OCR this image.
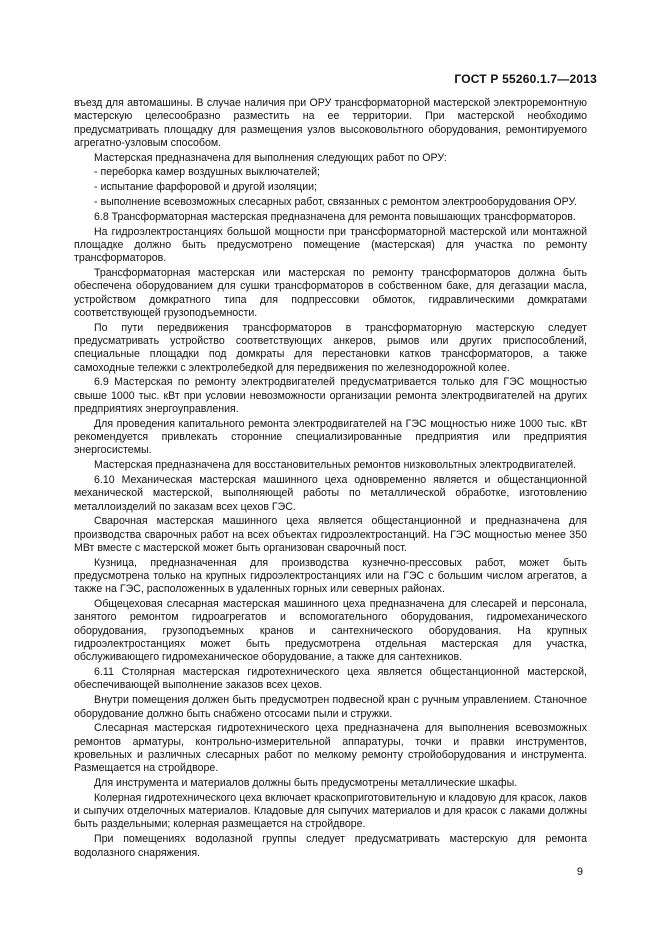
ГОСТ Р 55260.1.7—2013

въезд для автомашины. В случае наличия при ОРУ трансформаторной мастерской электроремонтную мастерскую целесообразно разместить на ее территории. При мастерской необходимо предусматривать площадку для размещения узлов высоковольтного оборудования, ремонтируемого агрегатно-узловым способом.

Мастерская предназначена для выполнения следующих работ по ОРУ:

- переборка камер воздушных выключателей;

- испытание фарфоровой и другой изоляции;

- выполнение всевозможных слесарных работ, связанных с ремонтом электрооборудования ОРУ.

6.8 Трансформаторная мастерская предназначена для ремонта повышающих трансформаторов.

На гидроэлектростанциях большой мощности при трансформаторной мастерской или монтажной площадке должно быть предусмотрено помещение (мастерская) для участка по ремонту трансформаторов.

Трансформаторная мастерская или мастерская по ремонту трансформаторов должна быть обеспечена оборудованием для сушки трансформаторов в собственном баке, для дегазации масла, устройством домкратного типа для подпрессовки обмоток, гидравлическими домкратами соответствующей грузоподъемности.

По пути передвижения трансформаторов в трансформаторную мастерскую следует предусматривать устройство соответствующих анкеров, рымов или других приспособлений, специальные площадки под домкраты для перестановки катков трансформаторов, а также самоходные тележки с электролебедкой для передвижения по железнодорожной колее.

6.9 Мастерская по ремонту электродвигателей предусматривается только для ГЭС мощностью свыше 1000 тыс. кВт при условии невозможности организации ремонта электродвигателей на других предприятиях энергоуправления.

Для проведения капитального ремонта электродвигателей на ГЭС мощностью ниже 1000 тыс. кВт рекомендуется привлекать сторонние специализированные предприятия или предприятия энергосистемы.

Мастерская предназначена для восстановительных ремонтов низковольтных электродвигателей.

6.10 Механическая мастерская машинного цеха одновременно является и общестанционной механической мастерской, выполняющей работы по металлической обработке, изготовлению металлоизделий по заказам всех цехов ГЭС.

Сварочная мастерская машинного цеха является общестанционной и предназначена для производства сварочных работ на всех объектах гидроэлектростанций. На ГЭС мощностью менее 350 МВт вместе с мастерской может быть организован сварочный пост.

Кузница, предназначенная для производства кузнечно-прессовых работ, может быть предусмотрена только на крупных гидроэлектростанциях или на ГЭС с большим числом агрегатов, а также на ГЭС, расположенных в удаленных горных или северных районах.

Общецеховая слесарная мастерская машинного цеха предназначена для слесарей и персонала, занятого ремонтом гидроагрегатов и вспомогательного оборудования, гидромеханического оборудования, грузоподъемных кранов и сантехнического оборудования. На крупных гидроэлектростанциях может быть предусмотрена отдельная мастерская для участка, обслуживающего гидромеханическое оборудование, а также для сантехников.

6.11 Столярная мастерская гидротехнического цеха является общестанционной мастерской, обеспечивающей выполнение заказов всех цехов.

Внутри помещения должен быть предусмотрен подвесной кран с ручным управлением. Станочное оборудование должно быть снабжено отсосами пыли и стружки.

Слесарная мастерская гидротехнического цеха предназначена для выполнения всевозможных ремонтов арматуры, контрольно-измерительной аппаратуры, точки и правки инструментов, кровельных и различных слесарных работ по мелкому ремонту стройоборудования и инструмента. Размещается на стройдворе.

Для инструмента и материалов должны быть предусмотрены металлические шкафы.

Колерная гидротехнического цеха включает краскоприготовительную и кладовую для красок, лаков и сыпучих отделочных материалов. Кладовые для сыпучих материалов и для красок с лаками должны быть раздельными; колерная размещается на стройдворе.

При помещениях водолазной группы следует предусматривать мастерскую для ремонта водолазного снаряжения.

9
